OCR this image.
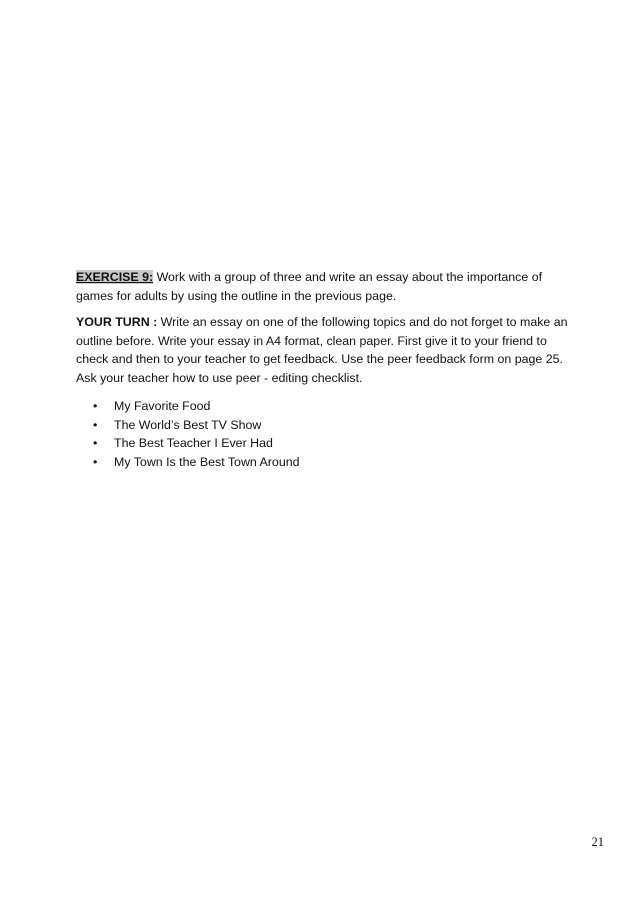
EXERCISE 9: Work with a group of three and write an essay about the importance of games for adults by using the outline in the previous page.

YOUR TURN : Write an essay on one of the following topics and do not forget to make an outline before. Write your essay in A4 format, clean paper. First give it to your friend to check and then to your teacher to get feedback. Use the peer feedback form on page 25. Ask your teacher how to use peer - editing checklist.

• My Favorite Food
• The World’s Best TV Show
• The Best Teacher I Ever Had
• My Town Is the Best Town Around
21
